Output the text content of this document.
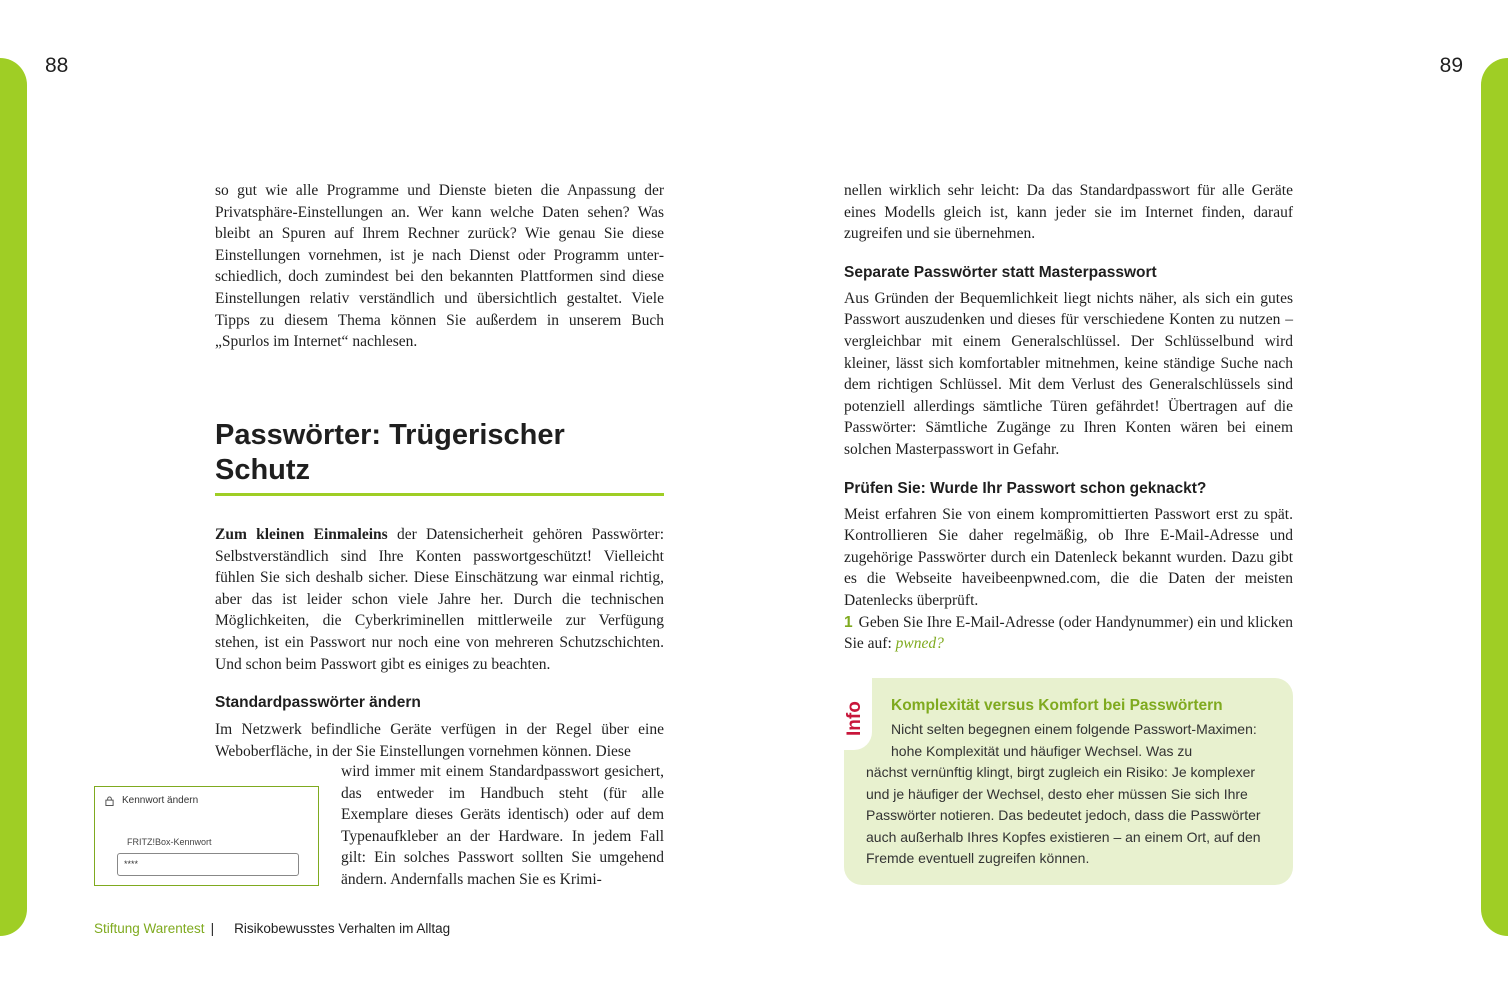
88	89

so gut wie alle Programme und Dienste bieten die Anpassung der Privatsphäre-Einstellungen an. Wer kann welche Daten sehen? Was bleibt an Spuren auf Ihrem Rechner zurück? Wie genau Sie diese Einstellungen vornehmen, ist je nach Dienst oder Programm unterschiedlich, doch zumindest bei den bekannten Plattformen sind diese Einstellungen relativ verständlich und übersichtlich gestaltet. Viele Tipps zu diesem Thema können Sie außerdem in unserem Buch „Spurlos im Internet“ nachlesen.

Passwörter: Trügerischer Schutz

Zum kleinen Einmaleins der Datensicherheit gehören Passwörter: Selbstverständlich sind Ihre Konten passwortgeschützt! Vielleicht fühlen Sie sich deshalb sicher. Diese Einschätzung war einmal richtig, aber das ist leider schon viele Jahre her. Durch die technischen Möglichkeiten, die Cyberkriminellen mittlerweile zur Verfügung stehen, ist ein Passwort nur noch eine von mehreren Schutzschichten. Und schon beim Passwort gibt es einiges zu beachten.

Standardpasswörter ändern

Im Netzwerk befindliche Geräte verfügen in der Regel über eine Weboberfläche, in der Sie Einstellungen vornehmen können. Diese

wird immer mit einem Standardpasswort gesichert, das entweder im Handbuch steht (für alle Exemplare dieses Geräts identisch) oder auf dem Typenaufkleber an der Hardware. In jedem Fall gilt: Ein solches Passwort sollten Sie umgehend ändern. Andernfalls machen Sie es Krimi-

Kennwort ändern
FRITZ!Box-Kennwort
****
Stiftung Warentest | Risikobewusstes Verhalten im Alltag

nellen wirklich sehr leicht: Da das Standardpasswort für alle Geräte eines Modells gleich ist, kann jeder sie im Internet finden, darauf zugreifen und sie übernehmen.

Separate Passwörter statt Masterpasswort

Aus Gründen der Bequemlichkeit liegt nichts näher, als sich ein gutes Passwort auszudenken und dieses für verschiedene Konten zu nutzen – vergleichbar mit einem Generalschlüssel. Der Schlüsselbund wird kleiner, lässt sich komfortabler mitnehmen, keine ständige Suche nach dem richtigen Schlüssel. Mit dem Verlust des Generalschlüssels sind potenziell allerdings sämtliche Türen gefährdet! Übertragen auf die Passwörter: Sämtliche Zugänge zu Ihren Konten wären bei einem solchen Masterpasswort in Gefahr.

Prüfen Sie: Wurde Ihr Passwort schon geknackt?

Meist erfahren Sie von einem kompromittierten Passwort erst zu spät. Kontrollieren Sie daher regelmäßig, ob Ihre E-Mail-Adresse und zugehörige Passwörter durch ein Datenleck bekannt wurden. Dazu gibt es die Webseite haveibeenpwned.com, die die Daten der meisten Datenlecks überprüft.

1 Geben Sie Ihre E-Mail-Adresse (oder Handynummer) ein und klicken Sie auf: pwned?

Info Komplexität versus Komfort bei Passwörtern
Nicht selten begegnen einem folgende Passwort-Maximen: hohe Komplexität und häufiger Wechsel. Was zu
nächst vernünftig klingt, birgt zugleich ein Risiko: Je komplexer und je häufiger der Wechsel, desto eher müssen Sie sich Ihre Passwörter notieren. Das bedeutet jedoch, dass die Passwörter auch außerhalb Ihres Kopfes existieren – an einem Ort, auf den Fremde eventuell zugreifen können.
